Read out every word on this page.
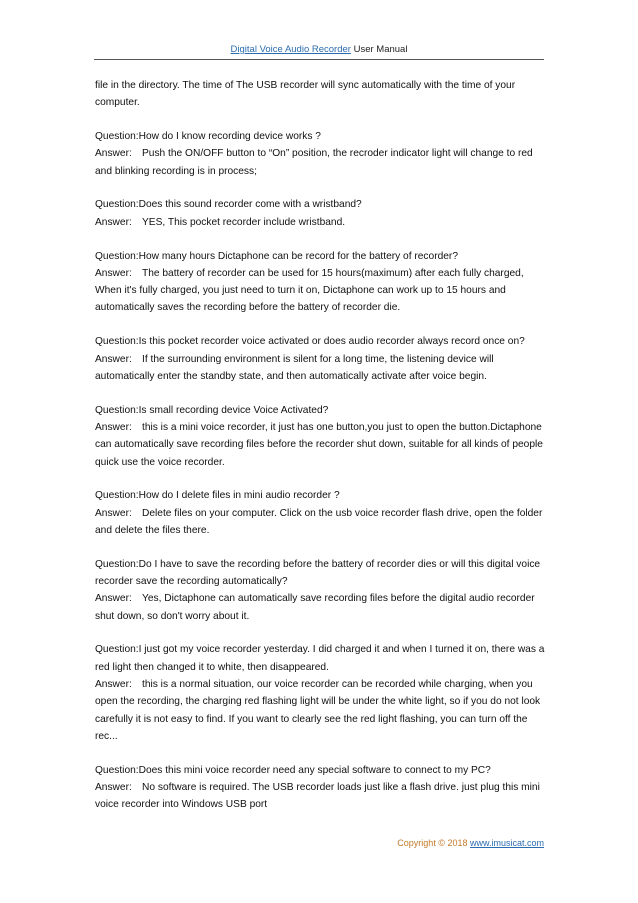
Digital Voice Audio Recorder User Manual

file in the directory. The time of The USB recorder will sync automatically with the time of your computer.

Question:How do I know recording device works ?
Answer: Push the ON/OFF button to “On” position, the recroder indicator light will change to red and blinking recording is in process;
Question:Does this sound recorder come with a wristband?
Answer: YES, This pocket recorder include wristband.
Question:How many hours Dictaphone can be record for the battery of recorder?
Answer: The battery of recorder can be used for 15 hours(maximum) after each fully charged, When it's fully charged, you just need to turn it on, Dictaphone can work up to 15 hours and automatically saves the recording before the battery of recorder die.
Question:Is this pocket recorder voice activated or does audio recorder always record once on?
Answer: If the surrounding environment is silent for a long time, the listening device will automatically enter the standby state, and then automatically activate after voice begin.
Question:Is small recording device Voice Activated?
Answer: this is a mini voice recorder, it just has one button,you just to open the button.Dictaphone can automatically save recording files before the recorder shut down, suitable for all kinds of people quick use the voice recorder.
Question:How do I delete files in mini audio recorder ?
Answer: Delete files on your computer. Click on the usb voice recorder flash drive, open the folder and delete the files there.
Question:Do I have to save the recording before the battery of recorder dies or will this digital voice recorder save the recording automatically?
Answer: Yes, Dictaphone can automatically save recording files before the digital audio recorder shut down, so don't worry about it.
Question:I just got my voice recorder yesterday. I did charged it and when I turned it on, there was a red light then changed it to white, then disappeared.
Answer: this is a normal situation, our voice recorder can be recorded while charging, when you open the recording, the charging red flashing light will be under the white light, so if you do not look carefully it is not easy to find. If you want to clearly see the red light flashing, you can turn off the rec...
Question:Does this mini voice recorder need any special software to connect to my PC?
Answer: No software is required. The USB recorder loads just like a flash drive. just plug this mini voice recorder into Windows USB port
Copyright © 2018 www.imusicat.com
